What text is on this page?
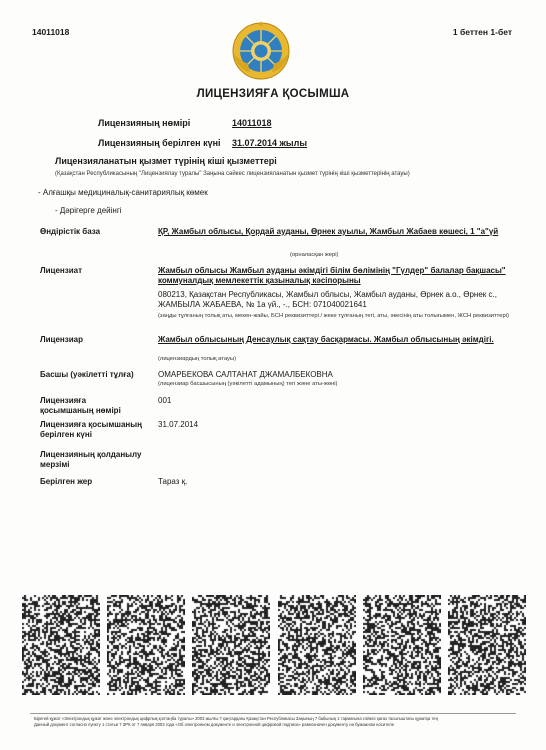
14011018	1 беттен 1-бет
ЛИЦЕНЗИЯҒА ҚОСЫМША
Лицензияның нөмірі	14011018
Лицензияның берілген күні 31.07.2014 жылы
Лицензияланатын қызмет түрінің кіші қызметтері
(Қазақстан Республикасының "Лицензиялау туралы" Заңына сәйкес лицензияланатын қызмет түрінің кіші қызметтерінің атауы)
- Алғашқы медициналық-санитариялық көмек
- Дәрігерге дейінгі
Өндірістік база	ҚР, Жамбыл облысы, Қордай ауданы, Өрнек ауылы, Жамбыл Жабаев көшесі, 1 "а"үй
(орналасқан жері)
Лицензиат	Жамбыл облысы Жамбыл ауданы әкімдігі білім бөлімінің "Гүлдер" балалар бақшасы" коммуналдық мемлекеттік қазыналық кәсіпорыны
080213, Қазақстан Республикасы, Жамбыл облысы, Жамбыл ауданы, Өрнек а.о., Өрнек с., ЖАМБЫЛА ЖАБАЕВА, № 1а үй., -., БСН: 071040021641
(заңды тұлғаның толық аты, мекен-жайы, БСН реквизиттері / жеке тұлғаның тегі, аты, әкесінің аты толығымен, ЖСН реквизиттері)
Лицензиар	Жамбыл облысының Денсаулық сақтау басқармасы. Жамбыл облысының әкімдігі.
(лицензиардың толық атауы)
Басшы (уәкілетті тұлға)	ОМАРБЕКОВА САЛТАНАТ ДЖАМАЛБЕКОВНА
(лицензиар басшысының (уәкілетті адамының) тегі және аты-жөні)
Лицензияға қосымшаның нөмірі
001
Лицензияға қосымшаның берілген күні
31.07.2014
Лицензияның қолданылу мерзімі
Берілген жер	Тараз қ.
Бірегей құжат «Электрондық құжат және электрондық цифрлық қолтаңба туралы» 2003 жылғы 7 қаңтардағы Қазақстан Республикасы Заңының 7 бабының 1 тармағына сәйкес қағаз тасығыштағы құжатқа тең
Данный документ согласно пункту 1 статьи 7 ЗРК от 7 января 2003 года «Об электронном документе и электронной цифровой подписи» равнозначен документу на бумажном носителе
